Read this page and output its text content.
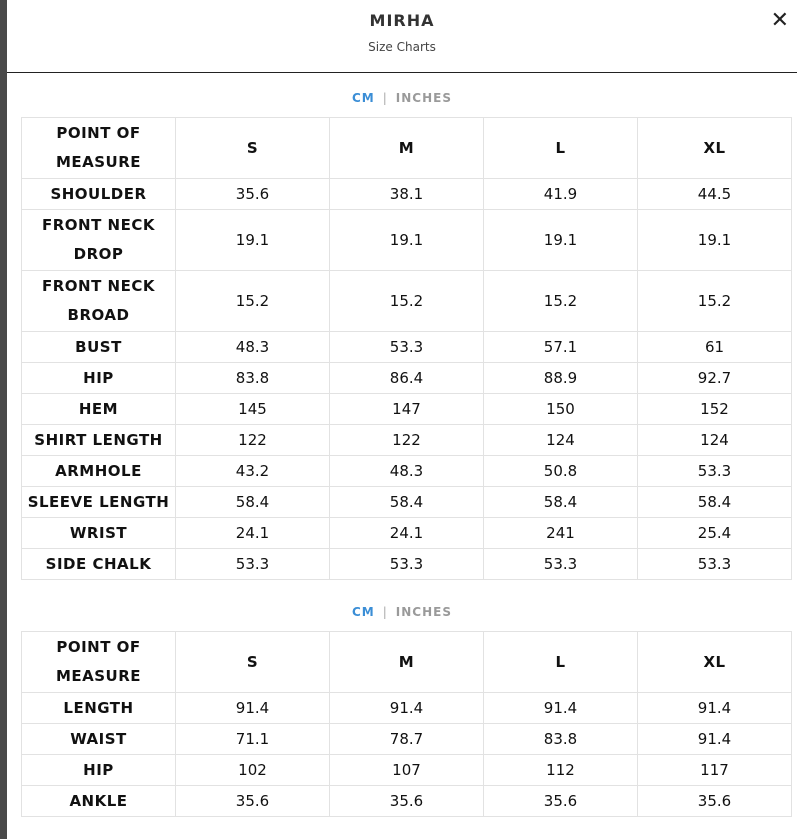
MIRHA
Size Charts
✕
CM | INCHES
POINT OF MEASURE	S	M	L	XL
SHOULDER	35.6	38.1	41.9	44.5
FRONT NECK DROP	19.1	19.1	19.1	19.1
FRONT NECK BROAD	15.2	15.2	15.2	15.2
BUST	48.3	53.3	57.1	61
HIP	83.8	86.4	88.9	92.7
HEM	145	147	150	152
SHIRT LENGTH	122	122	124	124
ARMHOLE	43.2	48.3	50.8	53.3
SLEEVE LENGTH	58.4	58.4	58.4	58.4
WRIST	24.1	24.1	241	25.4
SIDE CHALK	53.3	53.3	53.3	53.3
CM | INCHES
POINT OF MEASURE	S	M	L	XL
LENGTH	91.4	91.4	91.4	91.4
WAIST	71.1	78.7	83.8	91.4
HIP	102	107	112	117
ANKLE	35.6	35.6	35.6	35.6
